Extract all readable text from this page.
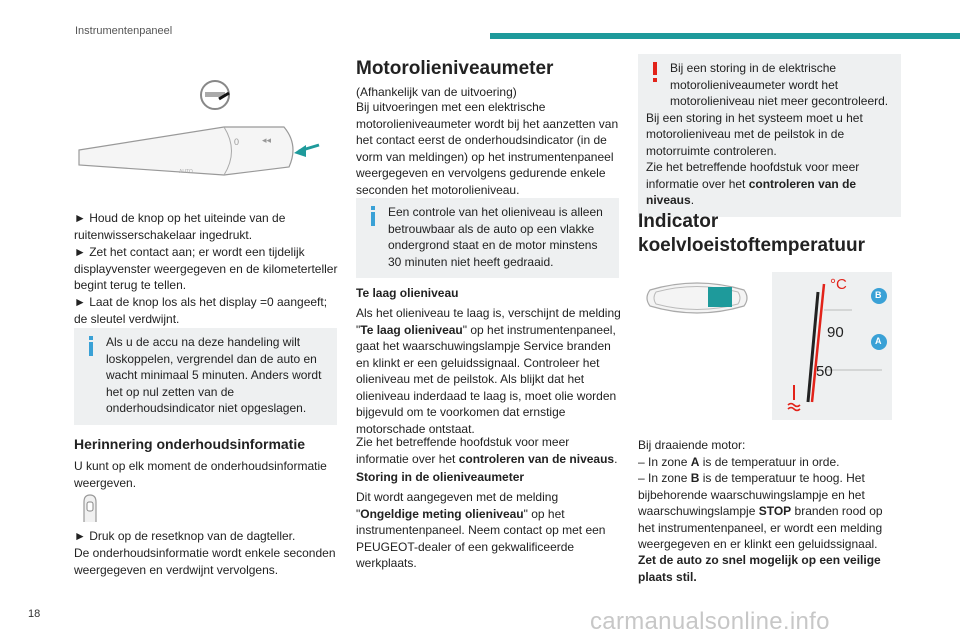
Instrumentenpaneel
0	◂◂
AUTO

► Houd de knop op het uiteinde van de ruitenwisserschakelaar ingedrukt.

► Zet het contact aan; er wordt een tijdelijk displayvenster weergegeven en de kilometerteller begint terug te tellen.

► Laat de knop los als het display =0 aangeeft; de sleutel verdwijnt.

Als u de accu na deze handeling wilt loskoppelen, vergrendel dan de auto en wacht minimaal 5 minuten. Anders wordt het op nul zetten van de onderhoudsindicator niet opgeslagen.
Herinnering onderhoudsinformatie

U kunt op elk moment de onderhoudsinformatie weergeven.

► Druk op de resetknop van de dagteller.

De onderhoudsinformatie wordt enkele seconden weergegeven en verdwijnt vervolgens.

Motorolieniveaumeter

(Afhankelijk van de uitvoering)

Bij uitvoeringen met een elektrische motorolieniveaumeter wordt bij het aanzetten van het contact eerst de onderhoudsindicator (in de vorm van meldingen) op het instrumentenpaneel weergegeven en vervolgens gedurende enkele seconden het motorolieniveau.

Een controle van het olieniveau is alleen betrouwbaar als de auto op een vlakke ondergrond staat en de motor minstens 30 minuten niet heeft gedraaid.
Te laag olieniveau

Als het olieniveau te laag is, verschijnt de melding "Te laag olieniveau" op het instrumentenpaneel, gaat het waarschuwingslampje Service branden en klinkt er een geluidssignaal. Controleer het olieniveau met de peilstok. Als blijkt dat het olieniveau inderdaad te laag is, moet olie worden bijgevuld om te voorkomen dat ernstige motorschade ontstaat.

Zie het betreffende hoofdstuk voor meer informatie over het controleren van de niveaus.

Storing in de olieniveaumeter

Dit wordt aangegeven met de melding "Ongeldige meting olieniveau" op het instrumentenpaneel. Neem contact op met een PEUGEOT-dealer of een gekwalificeerde werkplaats.

Bij een storing in de elektrische motorolieniveaumeter wordt het motorolieniveau niet meer gecontroleerd.
Bij een storing in het systeem moet u het motorolieniveau met de peilstok in de motorruimte controleren.
Zie het betreffende hoofdstuk voor meer informatie over het controleren van de niveaus.
Indicator
koelvloeistoftemperatuur
°C
90
50
B
A

Bij draaiende motor:

– In zone A is de temperatuur in orde.

– In zone B is de temperatuur te hoog. Het bijbehorende waarschuwingslampje en het waarschuwingslampje STOP branden rood op het instrumentenpaneel, er wordt een melding weergegeven en er klinkt een geluidssignaal.

Zet de auto zo snel mogelijk op een veilige plaats stil.

18	carmanualsonline.info
